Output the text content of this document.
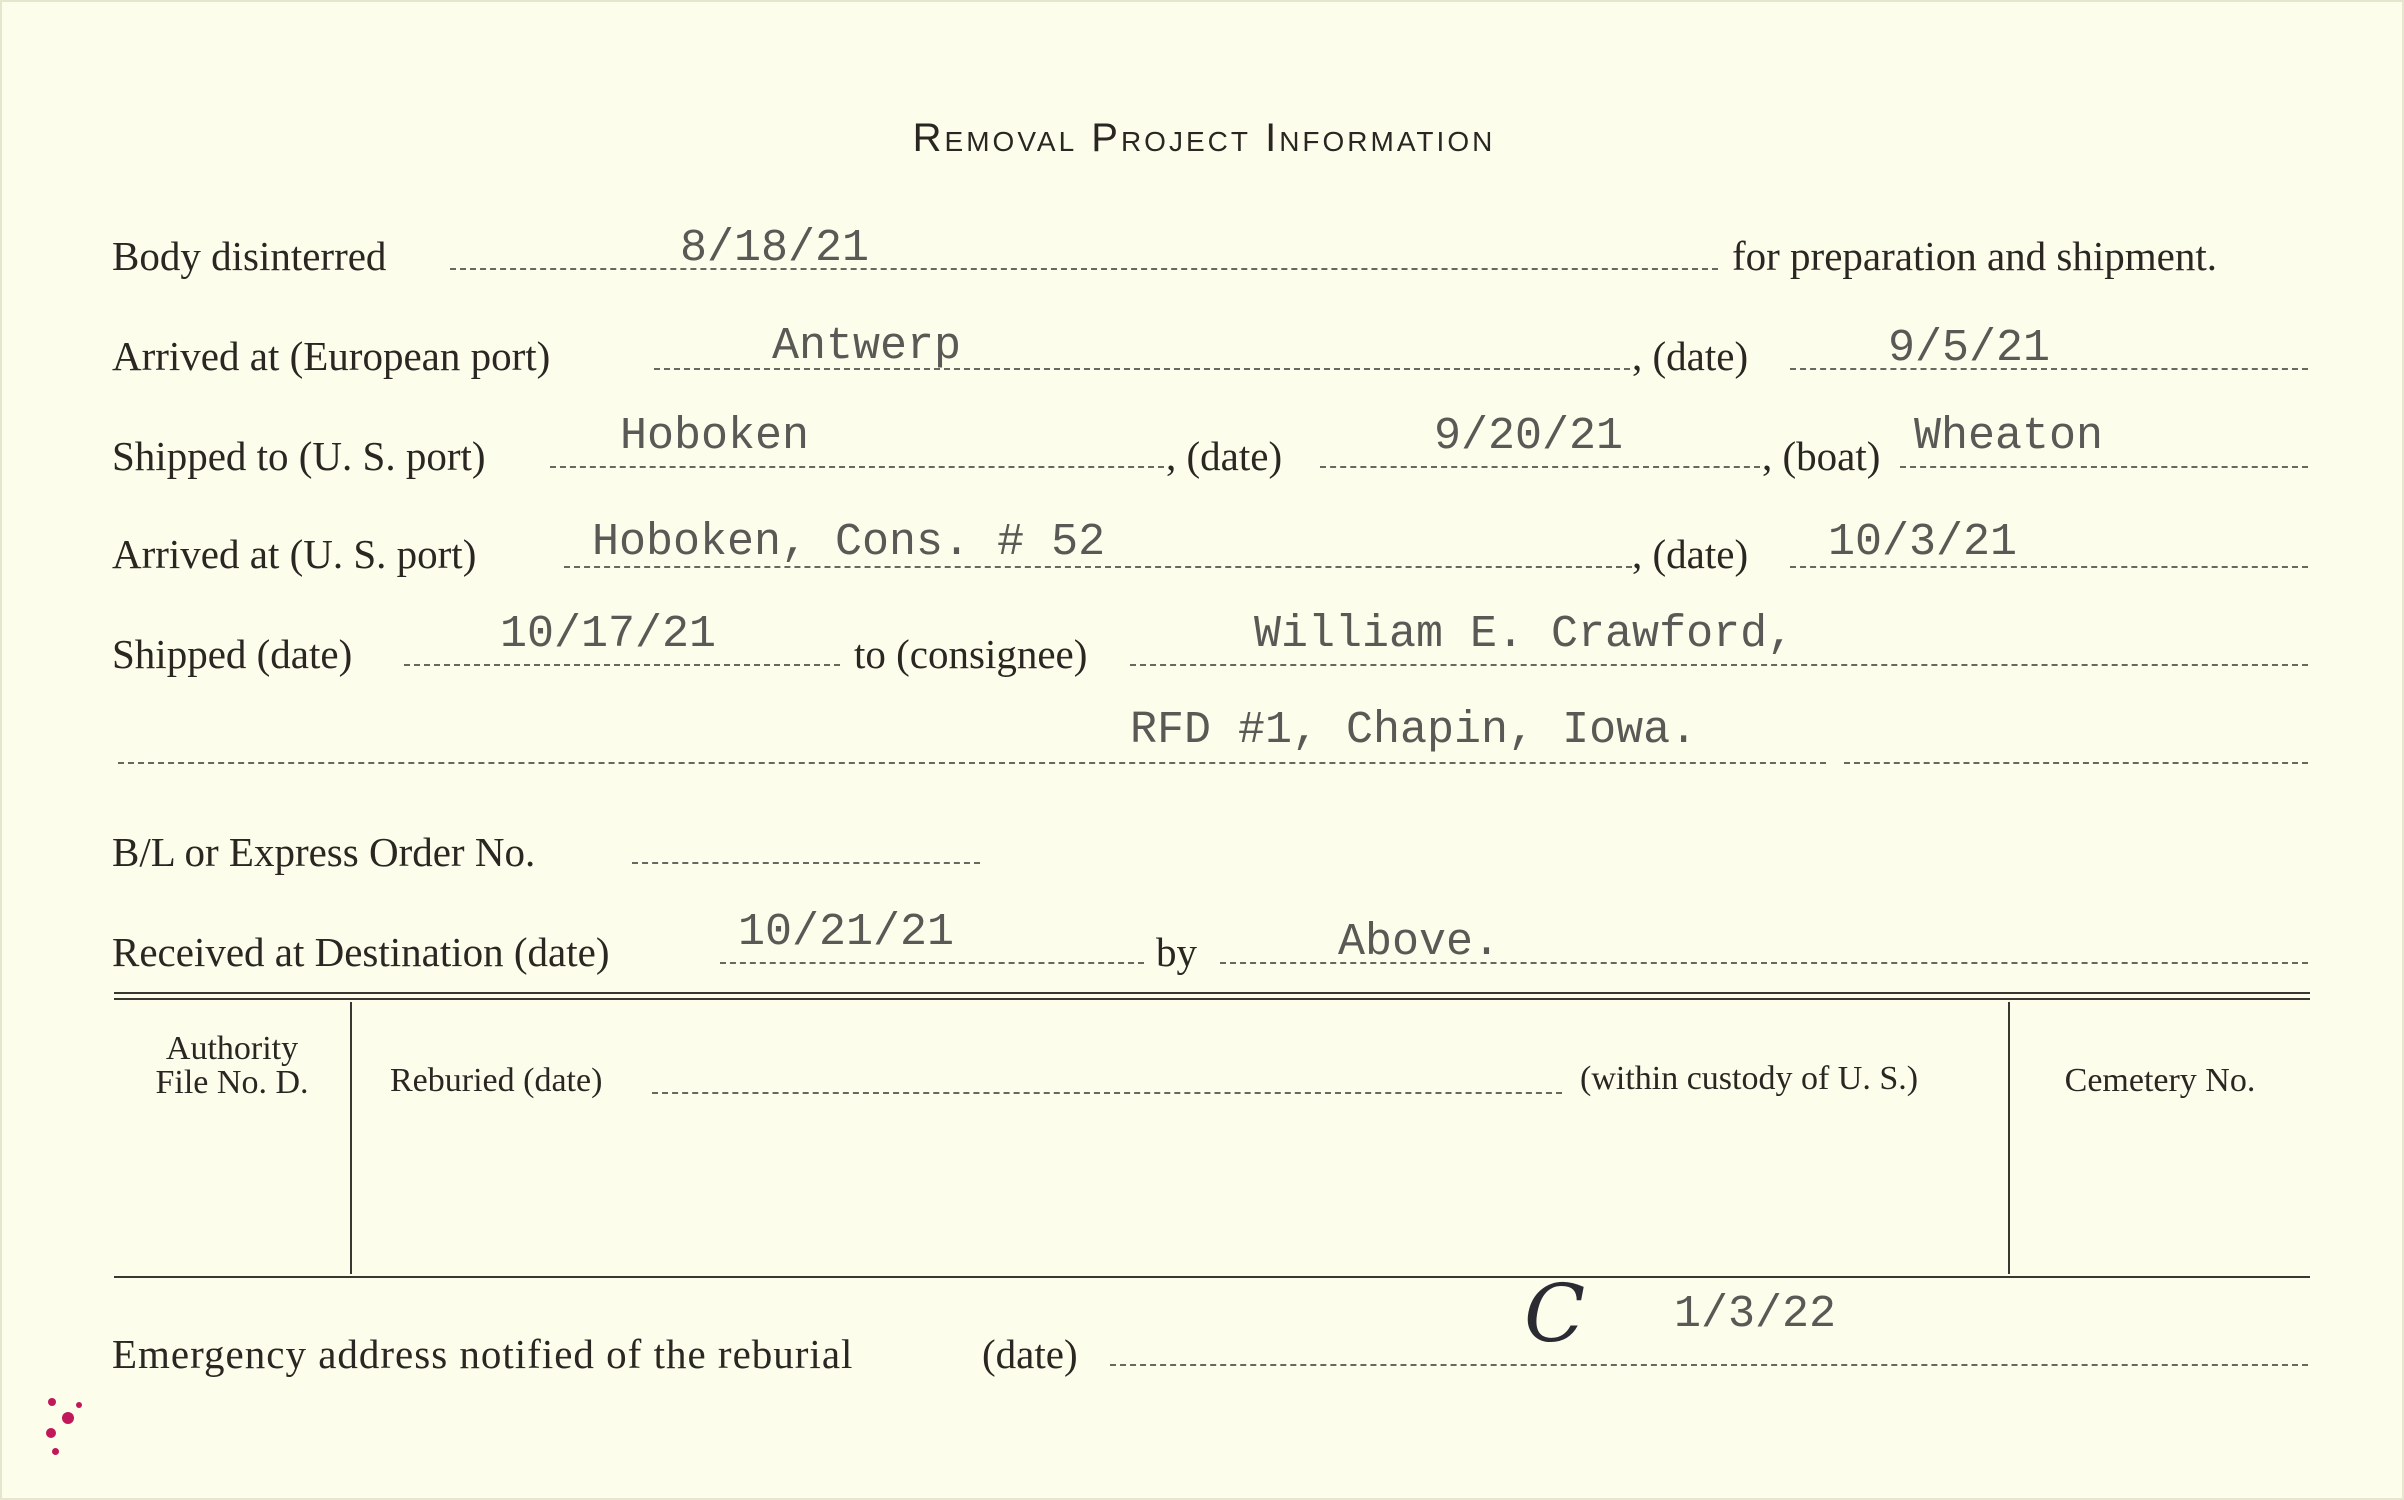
Removal Project Information
Body disinterred	8/18/21	for preparation and shipment.
Arrived at (European port)	Antwerp	, (date)	9/5/21
Shipped to (U. S. port)	Hoboken	, (date)	9/20/21	, (boat) Wheaton
Arrived at (U. S. port)	Hoboken, Cons. # 52	, (date) 10/3/21
Shipped (date)	10/17/21	to (consignee)	William E. Crawford,
RFD #1, Chapin, Iowa.
B/L or Express Order No.
Received at Destination (date)	10/21/21	by	Above.
Authority
File No. D.	Reburied (date)	(within custody of U. S.)	Cemetery No.
Emergency address notified of the reburial	(date)	C 1/3/22
